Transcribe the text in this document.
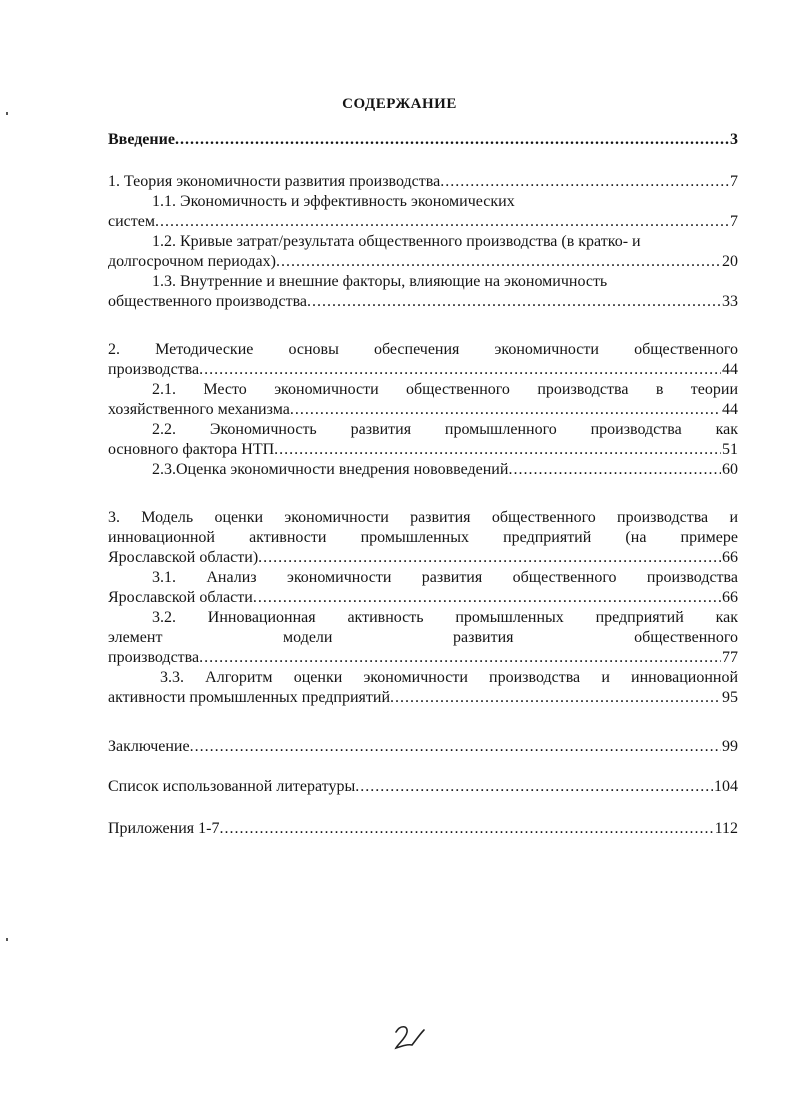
СОДЕРЖАНИЕ
Введение .....	3
1. Теория экономичности развития производства .....	7
1.1. Экономичность и эффективность экономических
систем .....	7
1.2. Кривые затрат/результата общественного производства (в кратко- и
долгосрочном периодах) .....	20
1.3. Внутренние и внешние факторы, влияющие на экономичность
общественного производства .....	33
2. Методические основы обеспечения экономичности общественного
производства .....	44
2.1. Место экономичности общественного производства в теории
хозяйственного механизма .....	44
2.2. Экономичность развития промышленного производства как
основного фактора НТП .....	51
2.3.Оценка экономичности внедрения нововведений .....	60
3. Модель оценки экономичности развития общественного производства и
инновационной активности промышленных предприятий (на примере
Ярославской области) .....	66
3.1. Анализ экономичности развития общественного производства
Ярославской области .....	66
3.2. Инновационная активность промышленных предприятий как
элемент модели развития общественного
производства .....	77
3.3. Алгоритм оценки экономичности производства и инновационной
активности промышленных предприятий .....	95
Заключение .....	99
Список использованной литературы .....	104
Приложения 1-7 .....	112
